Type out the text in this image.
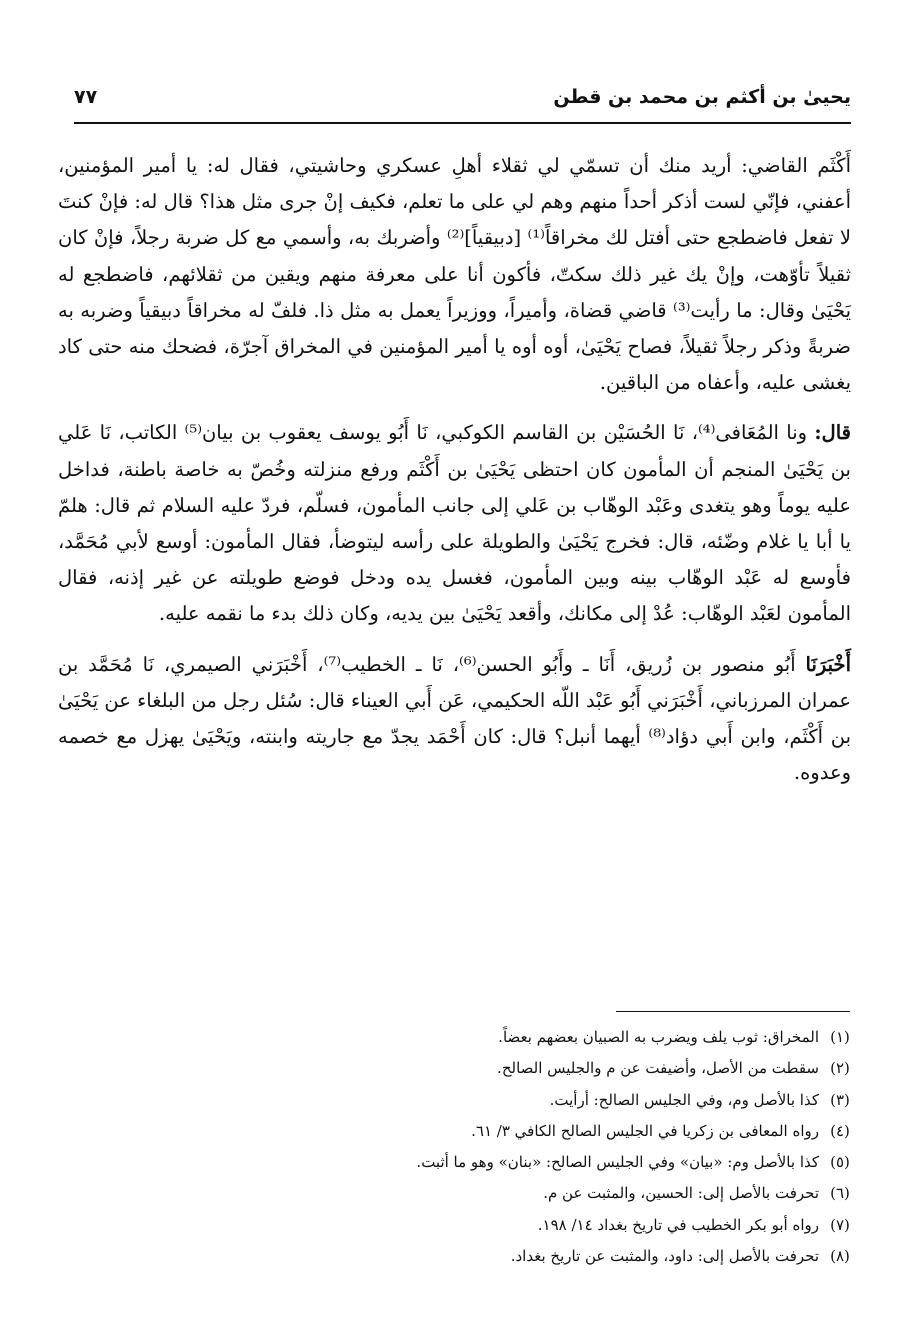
يحيىٰ بن أكثم بن محمد بن قطن
٧٧

أَكْثَم القاضي: أريد منك أن تسمّي لي ثقلاء أهلِ عسكري وحاشيتي، فقال له: يا أمير المؤمنين، أعفني، فإنّي لست أذكر أحداً منهم وهم لي على ما تعلم، فكيف إنْ جرى مثل هذا؟ قال له: فإنْ كنتَ لا تفعل فاضطجع حتى أفتل لك مخراقاً⁽¹⁾ [دبيقياً]⁽²⁾ وأضربك به، وأسمي مع كل ضربة رجلاً، فإنْ كان ثقيلاً تأوّهت، وإنْ يك غير ذلك سكتّ، فأكون أنا على معرفة منهم ويقين من ثقلائهم، فاضطجع له يَحْيَىٰ وقال: ما رأيت⁽³⁾ قاضي قضاة، وأميراً، ووزيراً يعمل به مثل ذا. فلفّ له مخراقاً دبيقياً وضربه به ضربةً وذكر رجلاً ثقيلاً، فصاح يَحْيَىٰ، أوه أوه يا أمير المؤمنين في المخراق آجرّة، فضحك منه حتى كاد يغشى عليه، وأعفاه من الباقين.

قال: ونا المُعَافى⁽⁴⁾، نَا الحُسَيْن بن القاسم الكوكبي، نَا أَبُو يوسف يعقوب بن بيان⁽⁵⁾ الكاتب، نَا عَلي بن يَحْيَىٰ المنجم أن المأمون كان احتظى يَحْيَىٰ بن أَكْثَم ورفع منزلته وخُصّ به خاصة باطنة، فداخل عليه يوماً وهو يتغدى وعَبْد الوهّاب بن عَلي إلى جانب المأمون، فسلّم، فردّ عليه السلام ثم قال: هلمّ يا أبا يا غلام وضّئه، قال: فخرج يَحْيَىٰ والطويلة على رأسه ليتوضأ، فقال المأمون: أوسع لأبي مُحَمَّد، فأوسع له عَبْد الوهّاب بينه وبين المأمون، فغسل يده ودخل فوضع طويلته عن غير إذنه، فقال المأمون لعَبْد الوهّاب: عُدْ إلى مكانك، وأقعد يَحْيَىٰ بين يديه، وكان ذلك بدء ما نقمه عليه.

أَخْبَرَنَا أَبُو منصور بن زُريق، أَنَا ـ وأَبُو الحسن⁽⁶⁾، نَا ـ الخطيب⁽⁷⁾، أَخْبَرَني الصيمري، نَا مُحَمَّد بن عمران المرزباني، أَخْبَرَني أَبُو عَبْد اللّه الحكيمي، عَن أَبي العيناء قال: سُئل رجل من البلغاء عن يَحْيَىٰ بن أَكْثَم، وابن أَبي دؤاد⁽⁸⁾ أيهما أنبل؟ قال: كان أَحْمَد يجدّ مع جاريته وابنته، ويَحْيَىٰ يهزل مع خصمه وعدوه.

(١)
المخراق: ثوب يلف ويضرب به الصبيان بعضهم بعضاً.
(٢)
سقطت من الأصل، وأضيفت عن م والجليس الصالح.
(٣)
كذا بالأصل وم، وفي الجليس الصالح: أرأيت.
(٤)
رواه المعافى بن زكريا في الجليس الصالح الكافي ٣/ ٦١.
(٥)
كذا بالأصل وم: «بيان» وفي الجليس الصالح: «بنان» وهو ما أثبت.
(٦)
تحرفت بالأصل إلى: الحسين، والمثبت عن م.
(٧)
رواه أبو بكر الخطيب في تاريخ بغداد ١٤/ ١٩٨.
(٨)
تحرفت بالأصل إلى: داود، والمثبت عن تاريخ بغداد.
